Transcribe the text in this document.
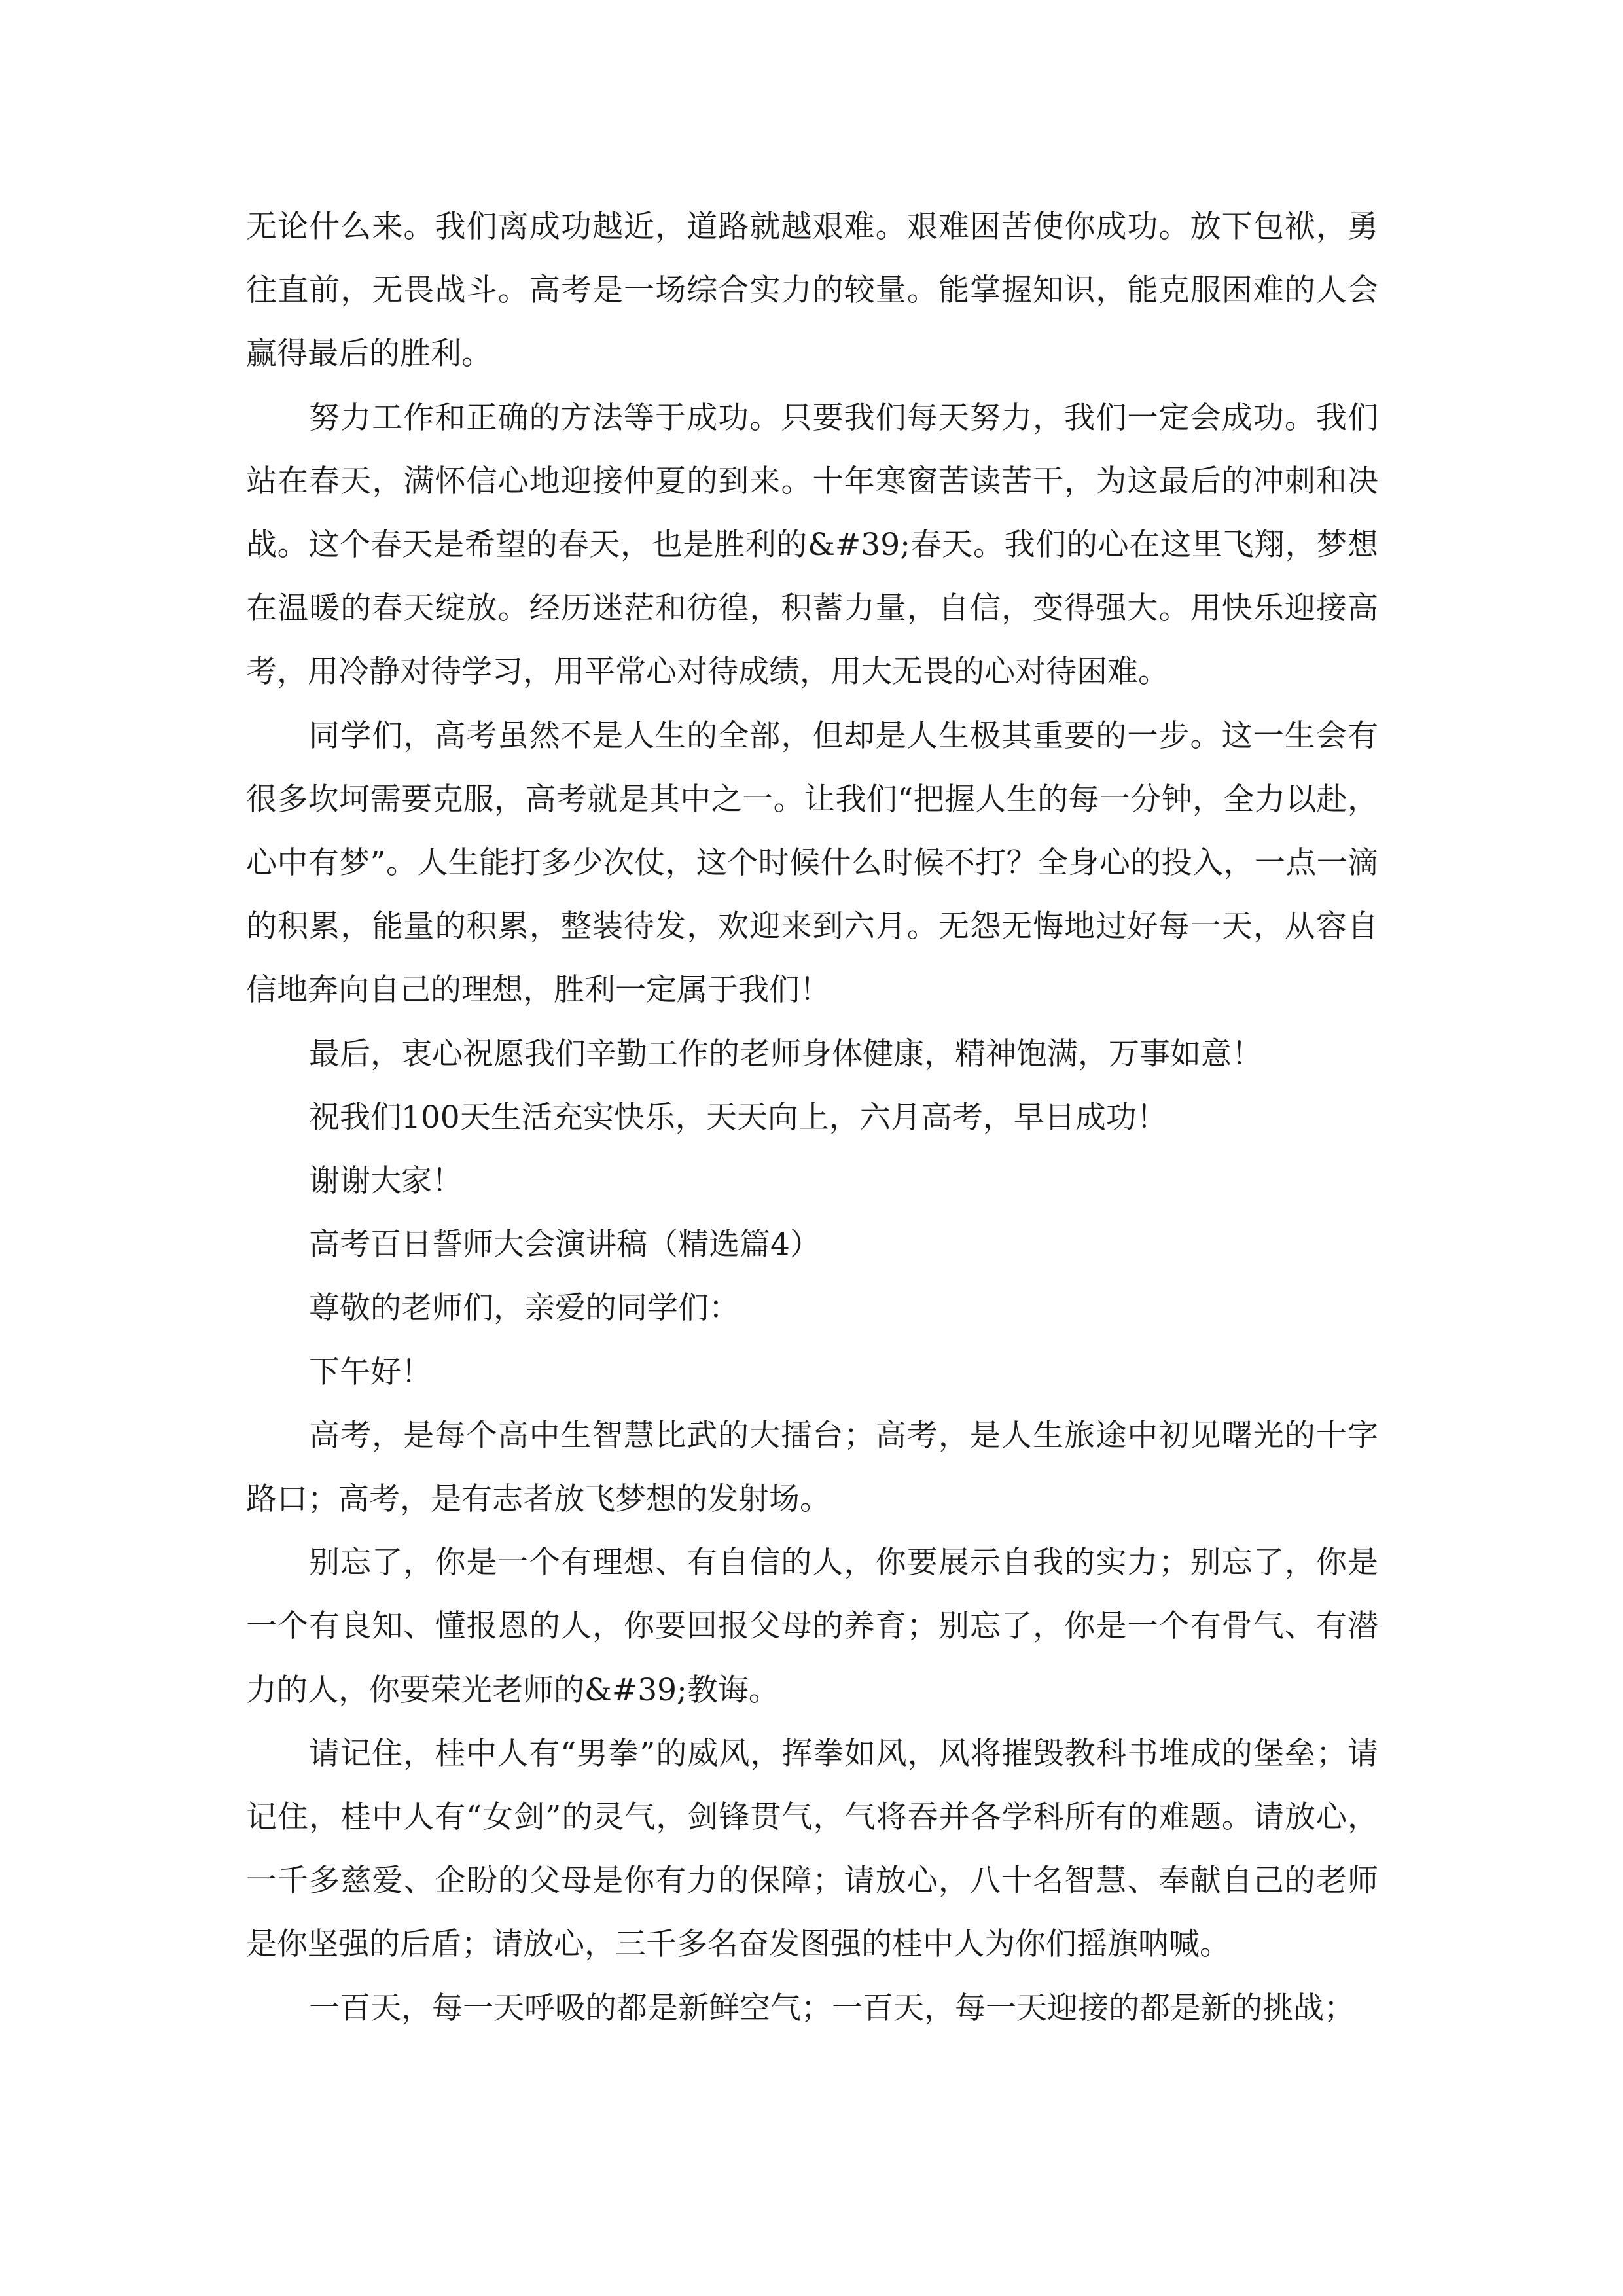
无论什么来。我们离成功越近，道路就越艰难。艰难困苦使你成功。放下包袱，勇往直前，无畏战斗。高考是一场综合实力的较量。能掌握知识，能克服困难的人会赢得最后的胜利。

努力工作和正确的方法等于成功。只要我们每天努力，我们一定会成功。我们站在春天，满怀信心地迎接仲夏的到来。十年寒窗苦读苦干，为这最后的冲刺和决战。这个春天是希望的春天，也是胜利的&#39;春天。我们的心在这里飞翔，梦想在温暖的春天绽放。经历迷茫和彷徨，积蓄力量，自信，变得强大。用快乐迎接高考，用冷静对待学习，用平常心对待成绩，用大无畏的心对待困难。

同学们，高考虽然不是人生的全部，但却是人生极其重要的一步。这一生会有很多坎坷需要克服，高考就是其中之一。让我们“把握人生的每一分钟，全力以赴，心中有梦”。人生能打多少次仗，这个时候什么时候不打？全身心的投入，一点一滴的积累，能量的积累，整装待发，欢迎来到六月。无怨无悔地过好每一天，从容自信地奔向自己的理想，胜利一定属于我们！

最后，衷心祝愿我们辛勤工作的老师身体健康，精神饱满，万事如意！

祝我们100天生活充实快乐，天天向上，六月高考，早日成功！

谢谢大家！

高考百日誓师大会演讲稿（精选篇4）

尊敬的老师们，亲爱的同学们：

下午好！

高考，是每个高中生智慧比武的大擂台；高考，是人生旅途中初见曙光的十字路口；高考，是有志者放飞梦想的发射场。

别忘了，你是一个有理想、有自信的人，你要展示自我的实力；别忘了，你是一个有良知、懂报恩的人，你要回报父母的养育；别忘了，你是一个有骨气、有潜力的人，你要荣光老师的&#39;教诲。

请记住，桂中人有“男拳”的威风，挥拳如风，风将摧毁教科书堆成的堡垒；请记住，桂中人有“女剑”的灵气，剑锋贯气，气将吞并各学科所有的难题。请放心，一千多慈爱、企盼的父母是你有力的保障；请放心，八十名智慧、奉献自己的老师是你坚强的后盾；请放心，三千多名奋发图强的桂中人为你们摇旗呐喊。

一百天，每一天呼吸的都是新鲜空气；一百天，每一天迎接的都是新的挑战；
